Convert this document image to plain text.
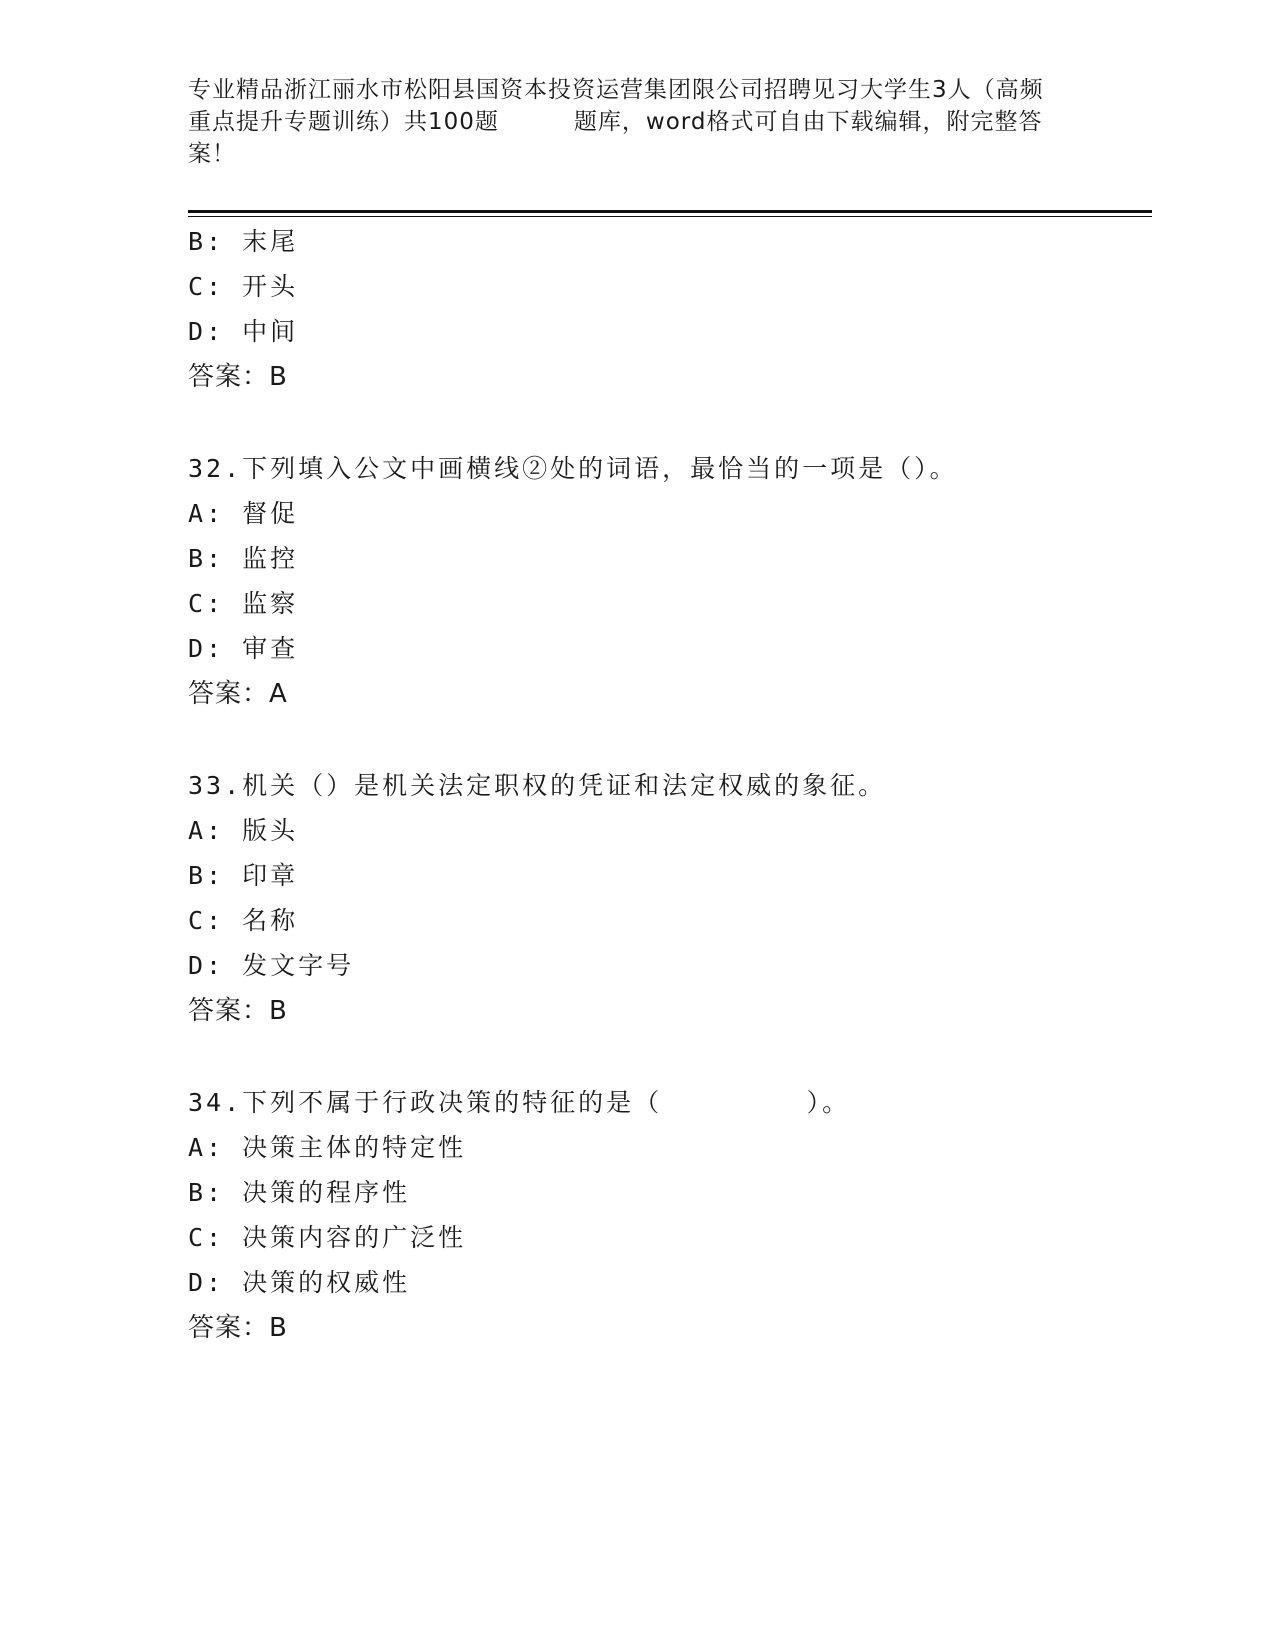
专业精品浙江丽水市松阳县国资本投资运营集团限公司招聘见习大学生3人（高频
重点提升专题训练）共100题	题库，word格式可自由下载编辑，附完整答
案！
B: 末尾
C: 开头
D: 中间
答案：B
32.下列填入公文中画横线②处的词语，最恰当的一项是（）。
A: 督促
B: 监控
C: 监察
D: 审查
答案：A
33.机关（）是机关法定职权的凭证和法定权威的象征。
A: 版头
B: 印章
C: 名称
D: 发文字号
答案：B
34.下列不属于行政决策的特征的是（        ）。
A: 决策主体的特定性
B: 决策的程序性
C: 决策内容的广泛性
D: 决策的权威性
答案：B
